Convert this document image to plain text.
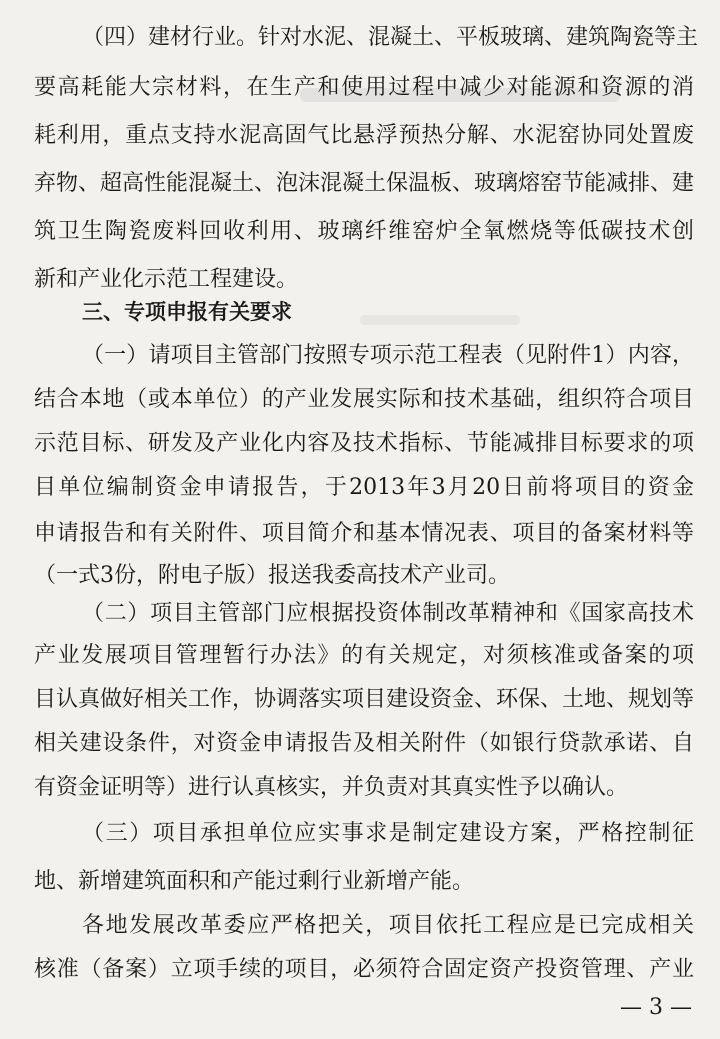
（四）建材行业。针对水泥、混凝土、平板玻璃、建筑陶瓷等主
要高耗能大宗材料，在生产和使用过程中减少对能源和资源的消
耗利用，重点支持水泥高固气比悬浮预热分解、水泥窑协同处置废
弃物、超高性能混凝土、泡沫混凝土保温板、玻璃熔窑节能减排、建
筑卫生陶瓷废料回收利用、玻璃纤维窑炉全氧燃烧等低碳技术创
新和产业化示范工程建设。
三、专项申报有关要求
（一）请项目主管部门按照专项示范工程表（见附件1）内容，
结合本地（或本单位）的产业发展实际和技术基础，组织符合项目
示范目标、研发及产业化内容及技术指标、节能减排目标要求的项
目单位编制资金申请报告，于2013年3月20日前将项目的资金
申请报告和有关附件、项目简介和基本情况表、项目的备案材料等
（一式3份，附电子版）报送我委高技术产业司。
（二）项目主管部门应根据投资体制改革精神和《国家高技术
产业发展项目管理暂行办法》的有关规定，对须核准或备案的项
目认真做好相关工作，协调落实项目建设资金、环保、土地、规划等
相关建设条件，对资金申请报告及相关附件（如银行贷款承诺、自
有资金证明等）进行认真核实，并负责对其真实性予以确认。
（三）项目承担单位应实事求是制定建设方案，严格控制征
地、新增建筑面积和产能过剩行业新增产能。
各地发展改革委应严格把关，项目依托工程应是已完成相关
核准（备案）立项手续的项目，必须符合固定资产投资管理、产业
— 3 —
